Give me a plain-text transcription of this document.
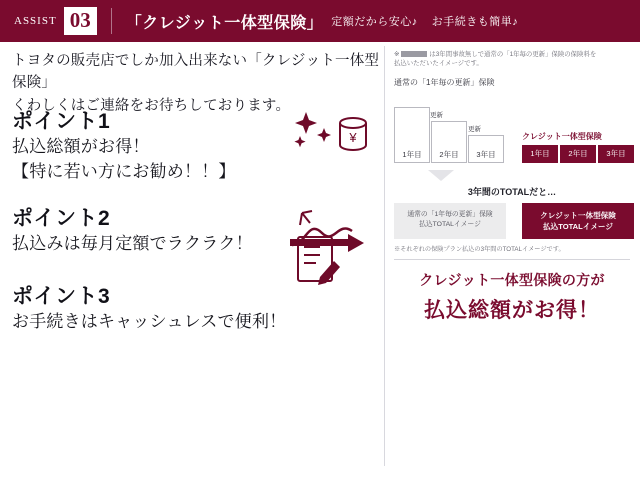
ASSIST 03	「クレジット一体型保険」 定額だから安心♪ お手続きも簡単♪
トヨタの販売店でしか加入出来ない「クレジット一体型保険」
くわしくはご連絡をお待ちしております。
ポイント1
払込総額がお得！
【特に若い方にお勧め！！】
¥
ポイント2
払込みは毎月定額でラクラク！
ポイント3
お手続きはキャッシュレスで便利！
※	は3年間事故無しで通常の「1年毎の更新」保険の保険料を
払込いただいたイメージです。
通常の「1年毎の更新」保険
1年目	2年目	3年目
更新
更新
クレジット一体型保険
1年目	2年目	3年目
3年間のTOTALだと…
通常の「1年毎の更新」保険
払込TOTALイメージ
クレジット一体型保険
払込TOTALイメージ
※それぞれの保険プラン払込の3年間のTOTALイメージです。
クレジット一体型保険の方が
払込総額がお得！
